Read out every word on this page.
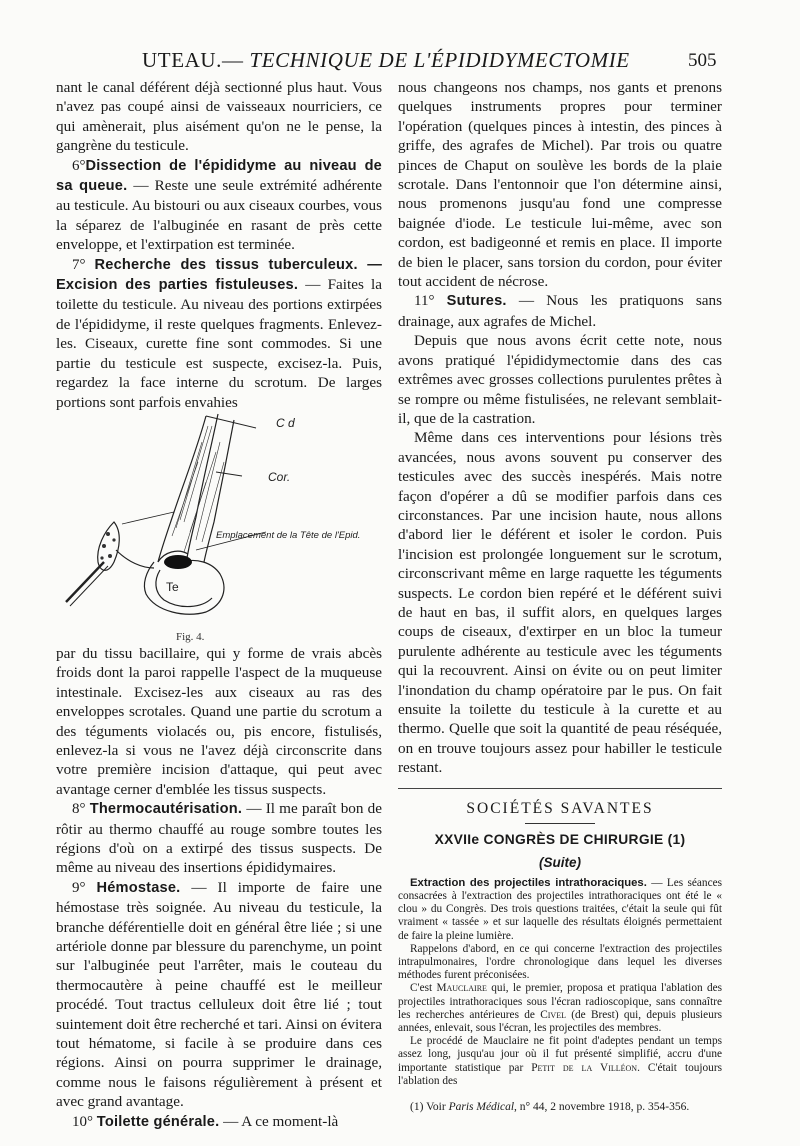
UTEAU.— TECHNIQUE DE L'ÉPIDIDYMECTOMIE	505

nant le canal déférent déjà sectionné plus haut. Vous n'avez pas coupé ainsi de vaisseaux nourriciers, ce qui amènerait, plus aisément qu'on ne le pense, la gangrène du testicule.

6°Dissection de l'épididyme au niveau de sa queue. — Reste une seule extrémité adhérente au testicule. Au bistouri ou aux ciseaux courbes, vous la séparez de l'albuginée en rasant de près cette enveloppe, et l'extirpation est terminée.

7° Recherche des tissus tuberculeux. — Excision des parties fistuleuses. — Faites la toilette du testicule. Au niveau des portions extirpées de l'épididyme, il reste quelques fragments. Enlevez-les. Ciseaux, curette fine sont commodes. Si une partie du testicule est suspecte, excisez-la. Puis, regardez la face interne du scrotum. De larges portions sont parfois envahies

C d
Cor.
Emplacement de la Tête de l'Epid.
Te
Fig. 4.

par du tissu bacillaire, qui y forme de vrais abcès froids dont la paroi rappelle l'aspect de la muqueuse intestinale. Excisez-les aux ciseaux au ras des enveloppes scrotales. Quand une partie du scrotum a des téguments violacés ou, pis encore, fistulisés, enlevez-la si vous ne l'avez déjà circonscrite dans votre première incision d'attaque, qui peut avec avantage cerner d'emblée les tissus suspects.

8° Thermocautérisation. — Il me paraît bon de rôtir au thermo chauffé au rouge sombre toutes les régions d'où on a extirpé des tissus suspects. De même au niveau des insertions épididymaires.

9° Hémostase. — Il importe de faire une hémostase très soignée. Au niveau du testicule, la branche déférentielle doit en général être liée ; si une artériole donne par blessure du parenchyme, un point sur l'albuginée peut l'arrêter, mais le couteau du thermocautère à peine chauffé est le meilleur procédé. Tout tractus celluleux doit être lié ; tout suintement doit être recherché et tari. Ainsi on évitera tout hématome, si facile à se produire dans ces régions. Ainsi on pourra supprimer le drainage, comme nous le faisons régulièrement à présent et avec grand avantage.

10° Toilette générale. — A ce moment-là

nous changeons nos champs, nos gants et prenons quelques instruments propres pour terminer l'opération (quelques pinces à intestin, des pinces à griffe, des agrafes de Michel). Par trois ou quatre pinces de Chaput on soulève les bords de la plaie scrotale. Dans l'entonnoir que l'on détermine ainsi, nous promenons jusqu'au fond une compresse baignée d'iode. Le testicule lui-même, avec son cordon, est badigeonné et remis en place. Il importe de bien le placer, sans torsion du cordon, pour éviter tout accident de nécrose.

11° Sutures. — Nous les pratiquons sans drainage, aux agrafes de Michel.

Depuis que nous avons écrit cette note, nous avons pratiqué l'épididymectomie dans des cas extrêmes avec grosses collections purulentes prêtes à se rompre ou même fistulisées, ne relevant semblait-il, que de la castration.

Même dans ces interventions pour lésions très avancées, nous avons souvent pu conserver des testicules avec des succès inespérés. Mais notre façon d'opérer a dû se modifier parfois dans ces circonstances. Par une incision haute, nous allons d'abord lier le déférent et isoler le cordon. Puis l'incision est prolongée longuement sur le scrotum, circonscrivant même en large raquette les téguments suspects. Le cordon bien repéré et le déférent suivi de haut en bas, il suffit alors, en quelques larges coups de ciseaux, d'extirper en un bloc la tumeur purulente adhérente au testicule avec les téguments qui la recouvrent. Ainsi on évite ou on peut limiter l'inondation du champ opératoire par le pus. On fait ensuite la toilette du testicule à la curette et au thermo. Quelle que soit la quantité de peau réséquée, on en trouve toujours assez pour habiller le testicule restant.

SOCIÉTÉS SAVANTES
XXVIIe CONGRÈS DE CHIRURGIE (1)
(Suite)

Extraction des projectiles intrathoraciques. — Les séances consacrées à l'extraction des projectiles intrathoraciques ont été le « clou » du Congrès. Des trois questions traitées, c'était la seule qui fût vraiment « tassée » et sur laquelle des résultats éloignés permettaient de faire la pleine lumière.

Rappelons d'abord, en ce qui concerne l'extraction des projectiles intrapulmonaires, l'ordre chronologique dans lequel les diverses méthodes furent préconisées.

C'est Mauclaire qui, le premier, proposa et pratiqua l'ablation des projectiles intrathoraciques sous l'écran radioscopique, sans connaître les recherches antérieures de Civel (de Brest) qui, depuis plusieurs années, enlevait, sous l'écran, les projectiles des membres.

Le procédé de Mauclaire ne fit point d'adeptes pendant un temps assez long, jusqu'au jour où il fut présenté simplifié, accru d'une importante statistique par Petit de la Villéon. C'était toujours l'ablation des

(1) Voir Paris Médical, n° 44, 2 novembre 1918, p. 354-356.
